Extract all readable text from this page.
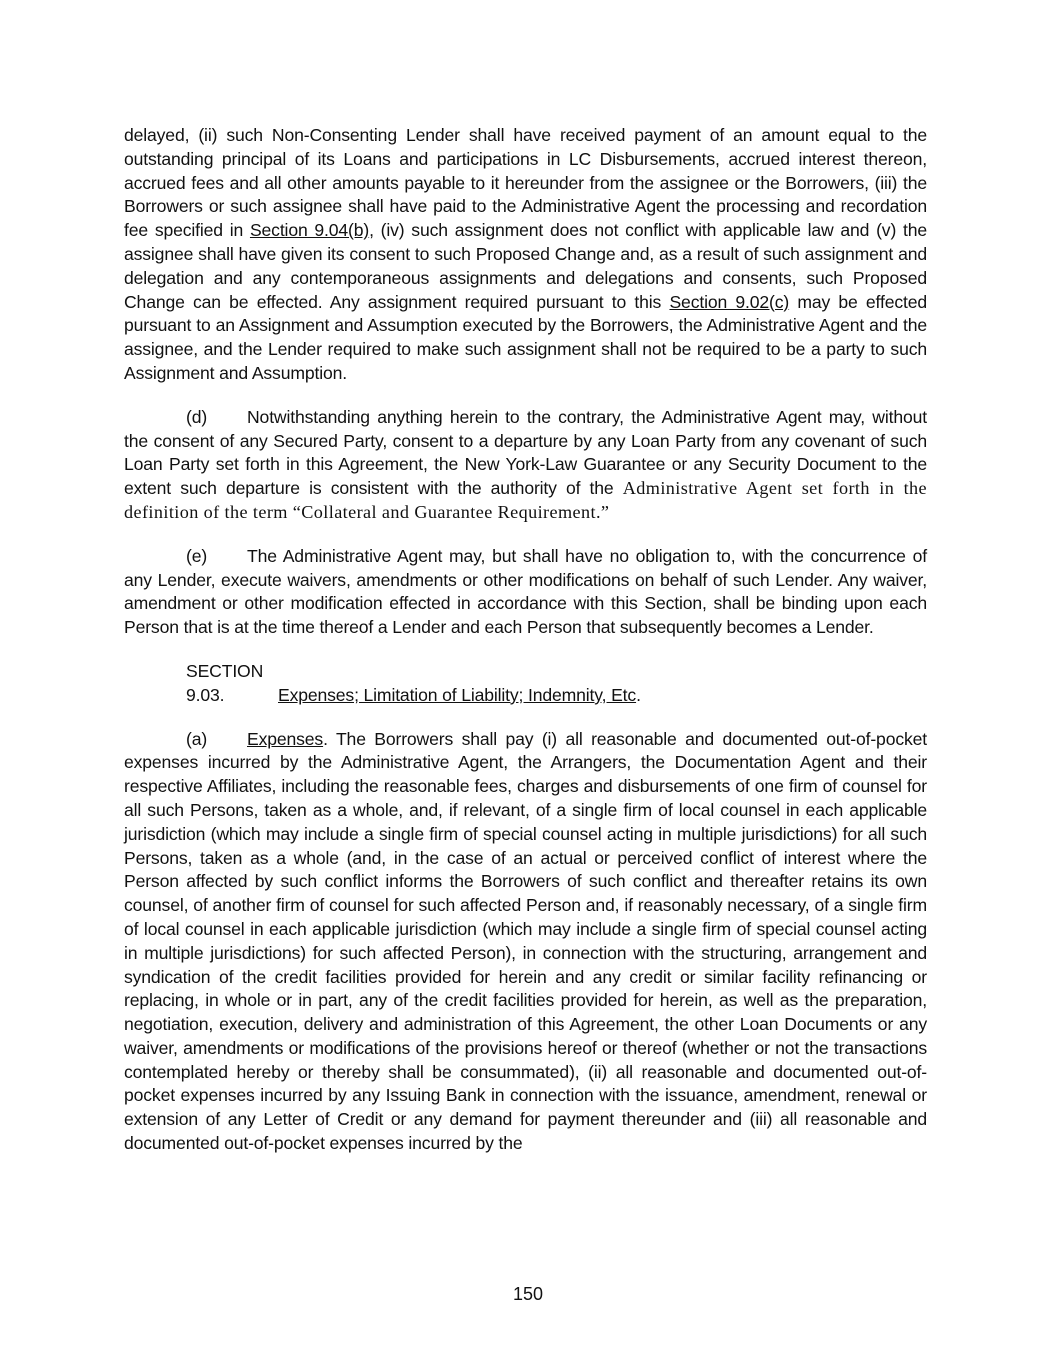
delayed, (ii) such Non-Consenting Lender shall have received payment of an amount equal to the outstanding principal of its Loans and participations in LC Disbursements, accrued interest thereon, accrued fees and all other amounts payable to it hereunder from the assignee or the Borrowers, (iii) the Borrowers or such assignee shall have paid to the Administrative Agent the processing and recordation fee specified in Section 9.04(b), (iv) such assignment does not conflict with applicable law and (v) the assignee shall have given its consent to such Proposed Change and, as a result of such assignment and delegation and any contemporaneous assignments and delegations and consents, such Proposed Change can be effected. Any assignment required pursuant to this Section 9.02(c) may be effected pursuant to an Assignment and Assumption executed by the Borrowers, the Administrative Agent and the assignee, and the Lender required to make such assignment shall not be required to be a party to such Assignment and Assumption.

(d) Notwithstanding anything herein to the contrary, the Administrative Agent may, without the consent of any Secured Party, consent to a departure by any Loan Party from any covenant of such Loan Party set forth in this Agreement, the New York-Law Guarantee or any Security Document to the extent such departure is consistent with the authority of the Administrative Agent set forth in the definition of the term “Collateral and Guarantee Requirement.”

(e) The Administrative Agent may, but shall have no obligation to, with the concurrence of any Lender, execute waivers, amendments or other modifications on behalf of such Lender. Any waiver, amendment or other modification effected in accordance with this Section, shall be binding upon each Person that is at the time thereof a Lender and each Person that subsequently becomes a Lender.

SECTION 9.03.	Expenses; Limitation of Liability; Indemnity, Etc.

(a) Expenses. The Borrowers shall pay (i) all reasonable and documented out-of-pocket expenses incurred by the Administrative Agent, the Arrangers, the Documentation Agent and their respective Affiliates, including the reasonable fees, charges and disbursements of one firm of counsel for all such Persons, taken as a whole, and, if relevant, of a single firm of local counsel in each applicable jurisdiction (which may include a single firm of special counsel acting in multiple jurisdictions) for all such Persons, taken as a whole (and, in the case of an actual or perceived conflict of interest where the Person affected by such conflict informs the Borrowers of such conflict and thereafter retains its own counsel, of another firm of counsel for such affected Person and, if reasonably necessary, of a single firm of local counsel in each applicable jurisdiction (which may include a single firm of special counsel acting in multiple jurisdictions) for such affected Person), in connection with the structuring, arrangement and syndication of the credit facilities provided for herein and any credit or similar facility refinancing or replacing, in whole or in part, any of the credit facilities provided for herein, as well as the preparation, negotiation, execution, delivery and administration of this Agreement, the other Loan Documents or any waiver, amendments or modifications of the provisions hereof or thereof (whether or not the transactions contemplated hereby or thereby shall be consummated), (ii) all reasonable and documented out-of-pocket expenses incurred by any Issuing Bank in connection with the issuance, amendment, renewal or extension of any Letter of Credit or any demand for payment thereunder and (iii) all reasonable and documented out-of-pocket expenses incurred by the

150
